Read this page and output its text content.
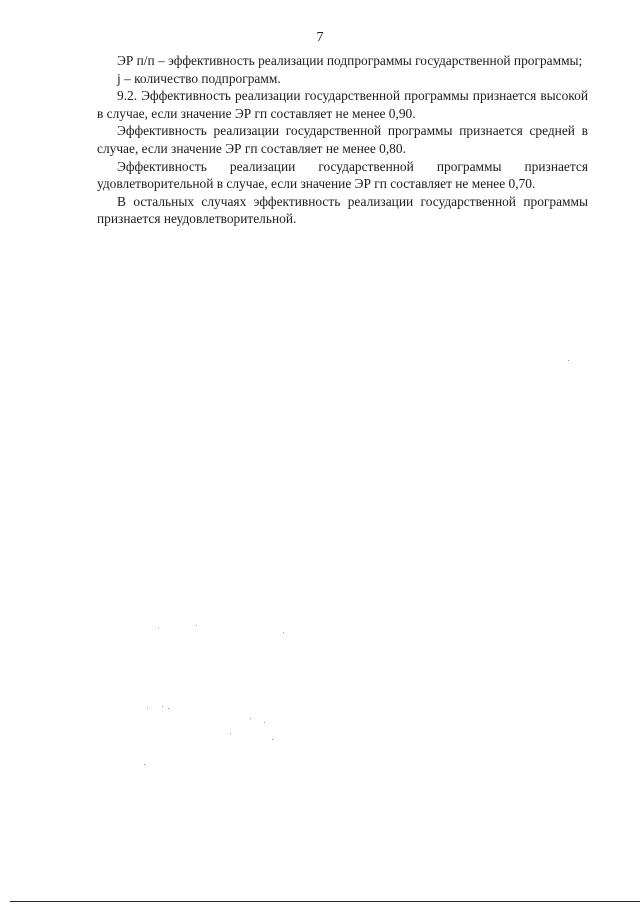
7

ЭР п/п – эффективность реализации подпрограммы государственной программы;

j – количество подпрограмм.

9.2. Эффективность реализации государственной программы признается высокой в случае, если значение ЭР гп составляет не менее 0,90.

Эффективность реализации государственной программы признается средней в случае, если значение ЭР гп составляет не менее 0,80.

Эффективность реализации государственной программы признается удовлетворительной в случае, если значение ЭР гп составляет не менее 0,70.

В остальных случаях эффективность реализации государственной программы признается неудовлетворительной.
